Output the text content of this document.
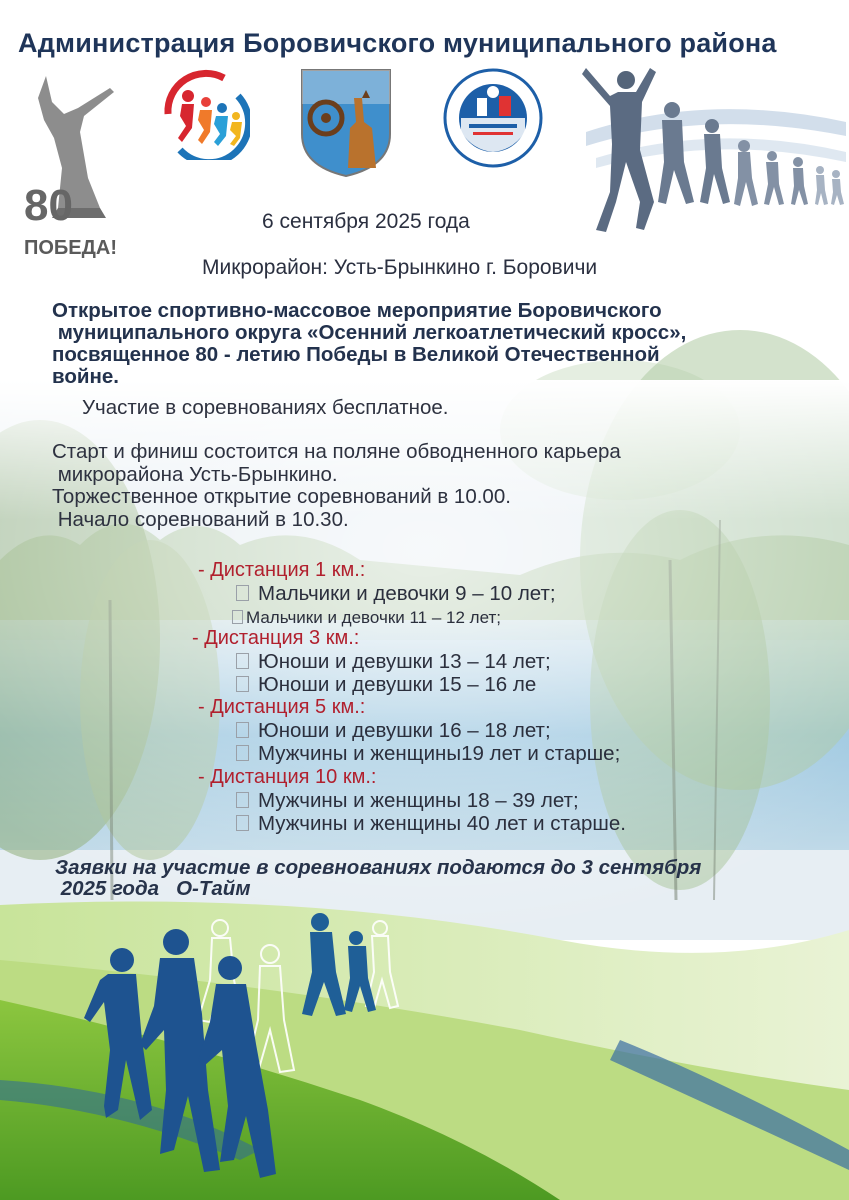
80
ПОБЕДА!
Администрация Боровичского муниципального района
6 сентября 2025 года
Микрорайон: Усть-Брынкино г. Боровичи
Открытое спортивно-массовое мероприятие Боровичского
муниципального округа «Осенний легкоатлетический кросс»,
посвященное 80 - летию Победы в Великой Отечественной
войне.
Участие в соревнованиях бесплатное.
Старт и финиш состоится на поляне обводненного карьера
микрорайона Усть-Брынкино.
Торжественное открытие соревнований в 10.00.
Начало соревнований в 10.30.
- Дистанция 1 км.:
Мальчики и девочки 9 – 10 лет;
Мальчики и девочки 11 – 12 лет;
- Дистанция 3 км.:
Юноши и девушки 13 – 14 лет;
Юноши и девушки 15 – 16 ле
- Дистанция 5 км.:
Юноши и девушки 16 – 18 лет;
Мужчины и женщины19 лет и старше;
- Дистанция 10 км.:
Мужчины и женщины 18 – 39 лет;
Мужчины и женщины 40 лет и старше.
Заявки на участие в соревнованиях подаются до 3 сентября
2025 года   О-Тайм
